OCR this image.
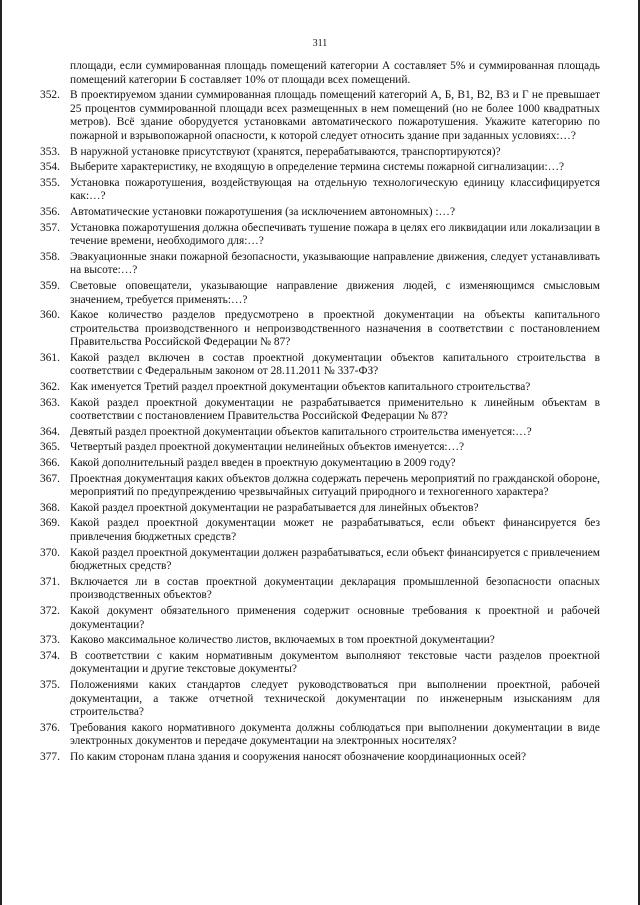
311
площади, если суммированная площадь помещений категории А составляет 5% и суммированная площадь помещений категории Б составляет 10% от площади всех помещений.
352. В проектируемом здании суммированная площадь помещений категорий А, Б, В1, В2, В3 и Г не превышает 25 процентов суммированной площади всех размещенных в нем помещений (но не более 1000 квадратных метров). Всё здание оборудуется установками автоматического пожаротушения. Укажите категорию по пожарной и взрывопожарной опасности, к которой следует относить здание при заданных условиях:…?
353. В наружной установке присутствуют (хранятся, перерабатываются, транспортируются)?
354. Выберите характеристику, не входящую в определение термина системы пожарной сигнализации:…?
355. Установка пожаротушения, воздействующая на отдельную технологическую единицу классифицируется как:…?
356. Автоматические установки пожаротушения (за исключением автономных) :…?
357. Установка пожаротушения должна обеспечивать тушение пожара в целях его ликвидации или локализации в течение времени, необходимого для:…?
358. Эвакуационные знаки пожарной безопасности, указывающие направление движения, следует устанавливать на высоте:…?
359. Световые оповещатели, указывающие направление движения людей, с изменяющимся смысловым значением, требуется применять:…?
360. Какое количество разделов предусмотрено в проектной документации на объекты капитального строительства производственного и непроизводственного назначения в соответствии с постановлением Правительства Российской Федерации № 87?
361. Какой раздел включен в состав проектной документации объектов капитального строительства в соответствии с Федеральным законом от 28.11.2011 № 337-ФЗ?
362. Как именуется Третий раздел проектной документации объектов капитального строительства?
363. Какой раздел проектной документации не разрабатывается применительно к линейным объектам в соответствии с постановлением Правительства Российской Федерации № 87?
364. Девятый раздел проектной документации объектов капитального строительства именуется:…?
365. Четвертый раздел проектной документации нелинейных объектов именуется:…?
366. Какой дополнительный раздел введен в проектную документацию в 2009 году?
367. Проектная документация каких объектов должна содержать перечень мероприятий по гражданской обороне, мероприятий по предупреждению чрезвычайных ситуаций природного и техногенного характера?
368. Какой раздел проектной документации не разрабатывается для линейных объектов?
369. Какой раздел проектной документации может не разрабатываться, если объект финансируется без привлечения бюджетных средств?
370. Какой раздел проектной документации должен разрабатываться, если объект финансируется с привлечением бюджетных средств?
371. Включается ли в состав проектной документации декларация промышленной безопасности опасных производственных объектов?
372. Какой документ обязательного применения содержит основные требования к проектной и рабочей документации?
373. Каково максимальное количество листов, включаемых в том проектной документации?
374. В соответствии с каким нормативным документом выполняют текстовые части разделов проектной документации и другие текстовые документы?
375. Положениями каких стандартов следует руководствоваться при выполнении проектной, рабочей документации, а также отчетной технической документации по инженерным изысканиям для строительства?
376. Требования какого нормативного документа должны соблюдаться при выполнении документации в виде электронных документов и передаче документации на электронных носителях?
377. По каким сторонам плана здания и сооружения наносят обозначение координационных осей?
